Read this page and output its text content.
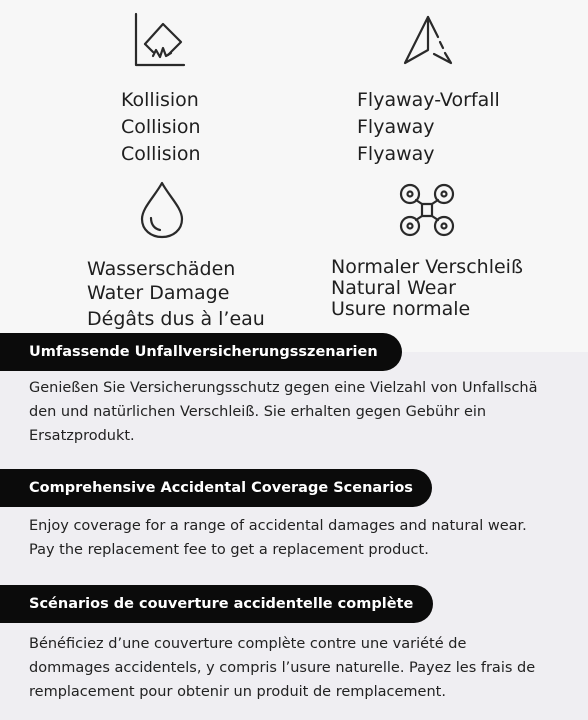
Kollision
Collision
Collision
Flyaway-Vorfall
Flyaway
Flyaway
Wasserschäden
Water Damage
Dégâts dus à l’eau
Normaler Verschleiß
Natural Wear
Usure normale
Umfassende Unfallversicherungsszenarien
Genießen Sie Versicherungsschutz gegen eine Vielzahl von Unfallschä
den und natürlichen Verschleiß. Sie erhalten gegen Gebühr ein
Ersatzprodukt.
Comprehensive Accidental Coverage Scenarios
Enjoy coverage for a range of accidental damages and natural wear.
Pay the replacement fee to get a replacement product.
Scénarios de couverture accidentelle complète
Bénéficiez d’une couverture complète contre une variété de
dommages accidentels, y compris l’usure naturelle. Payez les frais de
remplacement pour obtenir un produit de remplacement.
